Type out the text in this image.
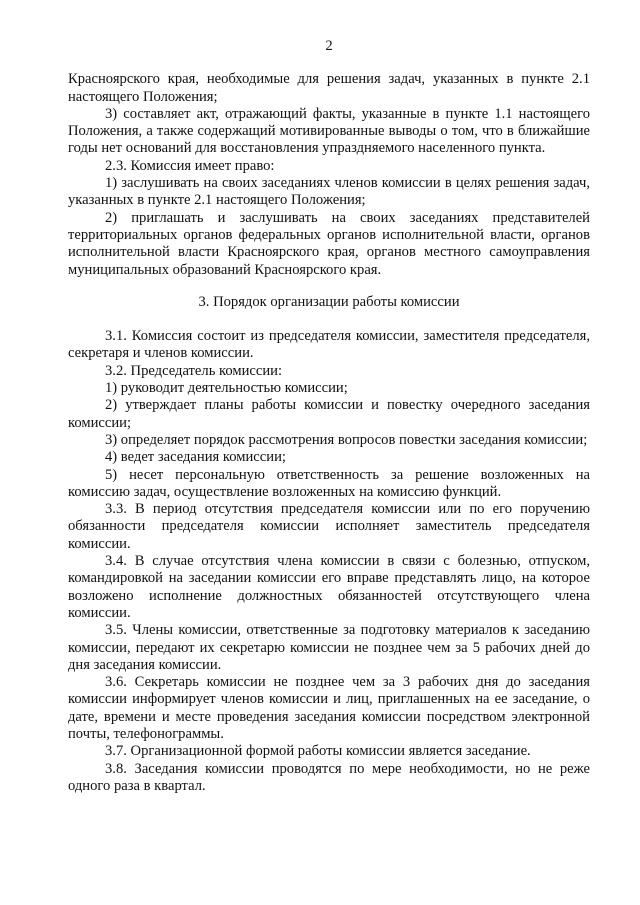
2

Красноярского края, необходимые для решения задач, указанных в пункте 2.1 настоящего Положения;

3) составляет акт, отражающий факты, указанные в пункте 1.1 настоящего Положения, а также содержащий мотивированные выводы о том, что в ближайшие годы нет оснований для восстановления упраздняемого населенного пункта.

2.3. Комиссия имеет право:

1) заслушивать на своих заседаниях членов комиссии в целях решения задач, указанных в пункте 2.1 настоящего Положения;

2) приглашать и заслушивать на своих заседаниях представителей территориальных органов федеральных органов исполнительной власти, органов исполнительной власти Красноярского края, органов местного самоуправления муниципальных образований Красноярского края.

3. Порядок организации работы комиссии

3.1. Комиссия состоит из председателя комиссии, заместителя председателя, секретаря и членов комиссии.

3.2. Председатель комиссии:

1) руководит деятельностью комиссии;

2) утверждает планы работы комиссии и повестку очередного заседания комиссии;

3) определяет порядок рассмотрения вопросов повестки заседания комиссии;

4) ведет заседания комиссии;

5) несет персональную ответственность за решение возложенных на комиссию задач, осуществление возложенных на комиссию функций.

3.3. В период отсутствия председателя комиссии или по его поручению обязанности председателя комиссии исполняет заместитель председателя комиссии.

3.4. В случае отсутствия члена комиссии в связи с болезнью, отпуском, командировкой на заседании комиссии его вправе представлять лицо, на которое возложено исполнение должностных обязанностей отсутствующего члена комиссии.

3.5. Члены комиссии, ответственные за подготовку материалов к заседанию комиссии, передают их секретарю комиссии не позднее чем за 5 рабочих дней до дня заседания комиссии.

3.6. Секретарь комиссии не позднее чем за 3 рабочих дня до заседания комиссии информирует членов комиссии и лиц, приглашенных на ее заседание, о дате, времени и месте проведения заседания комиссии посредством электронной почты, телефонограммы.

3.7. Организационной формой работы комиссии является заседание.

3.8. Заседания комиссии проводятся по мере необходимости, но не реже одного раза в квартал.
